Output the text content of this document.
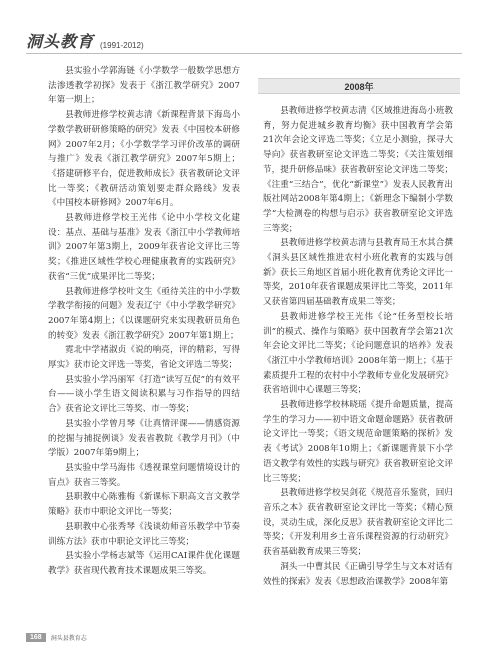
洞头教育 (1991-2012)

县实验小学郭海链《小学数学一般数学思想方法渗透教学初探》发表于《浙江教学研究》2007年第一期上；

县教师进修学校黄志清《新课程背景下海岛小学数学教研研修策略的研究》发表《中国校本研修网》2007年2月；《小学数学学习评价改革的调研与推广》发表《浙江教学研究》2007年5期上；《搭建研修平台，促进教师成长》获省教研论文评比一等奖；《教研活动策划要走群众路线》发表《中国校本研修网》2007年6月。

县教师进修学校王光伟《论中小学校文化建设：基点、基础与基准》发表《浙江中小学教师培训》2007年第3期上，2009年获省论文评比三等奖；《推进区域性学校心理健康教育的实践研究》获省“三优”成果评比二等奖；

县教师进修学校叶文生《亟待关注的中小学数学教学衔接的问题》发表辽宁《中小学教学研究》2007年第4期上；《以课题研究来实现教研员角色的转变》发表《浙江教学研究》2007年第1期上；

霓北中学褚淑贞《说的响亮，评的精彩，写得厚实》获市论文评选一等奖，省论文评选二等奖；

县实验小学冯丽军《打造“读写互促”的有效平台——谈小学生语文阅读积累与习作指导的四结合》获省论文评比三等奖、市一等奖；

县实验小学曾月琴《让真情评课——情感资源的挖掘与捕捉例谈》发表省教院《教学月刊》（中学版）2007年第9期上；

县实验中学马海伟《透视课堂问题情境设计的盲点》获省三等奖。

县职教中心陈雅梅《新课标下职高文言文教学策略》获市中职论文评比一等奖；

县职教中心张秀琴《浅谈幼师音乐教学中节奏训练方法》获市中职论文评比三等奖；

县实验小学杨志斌等《运用CAI课件优化课题教学》获省现代教育技术课题成果三等奖。

2008年

县教师进修学校黄志清《区域推进海岛小班教育，努力促进城乡教育均衡》获中国教育学会第21次年会论文评选二等奖；《立足小测验，探寻大导向》获省教研室论文评选二等奖；《关注策划细节，提升研修品味》获省教研室论文评选二等奖；《注重“三结合”，优化“新课堂”》发表人民教育出版社网站2008年第4期上；《新理念下编制小学数学“大检测卷的构想与启示》获省教研室论文评选三等奖；

县教师进修学校黄志清与县教育局王水其合撰《洞头县区域性推进农村小班化教育的实践与创新》获长三角地区首届小班化教育优秀论文评比一等奖，2010年获省课题成果评比二等奖，2011年又获省第四届基础教育成果二等奖；

县教师进修学校王光伟《论“任务型校长培训”的模式、操作与策略》获中国教育学会第21次年会论文评比二等奖；《论问题意识的培养》发表《浙江中小学教师培训》2008年第一期上；《基于素质提升工程的农村中小学教师专业化发展研究》获省培训中心课题三等奖；

县教师进修学校林晓瑶《提升命题质量，提高学生的学习力——初中语文命题命题路》获省教研论文评比一等奖；《语文规范命题策略的探析》发表《考试》2008年10期上；《新课题背景下小学语文教学有效性的实践与研究》获省教研室论文评比三等奖；

县教师进修学校吴剑花《规范音乐鉴赏，回归音乐之本》获省教研室论文评比一等奖；《精心预设，灵动生成，深化反思》获省教研室论文评比二等奖；《开发利用乡土音乐课程资源的行动研究》获省基础教育成果三等奖；

洞头一中曹其民《正确引导学生与文本对话有效性的探索》发表《思想政治课教学》2008年第

168	洞头县教育志
